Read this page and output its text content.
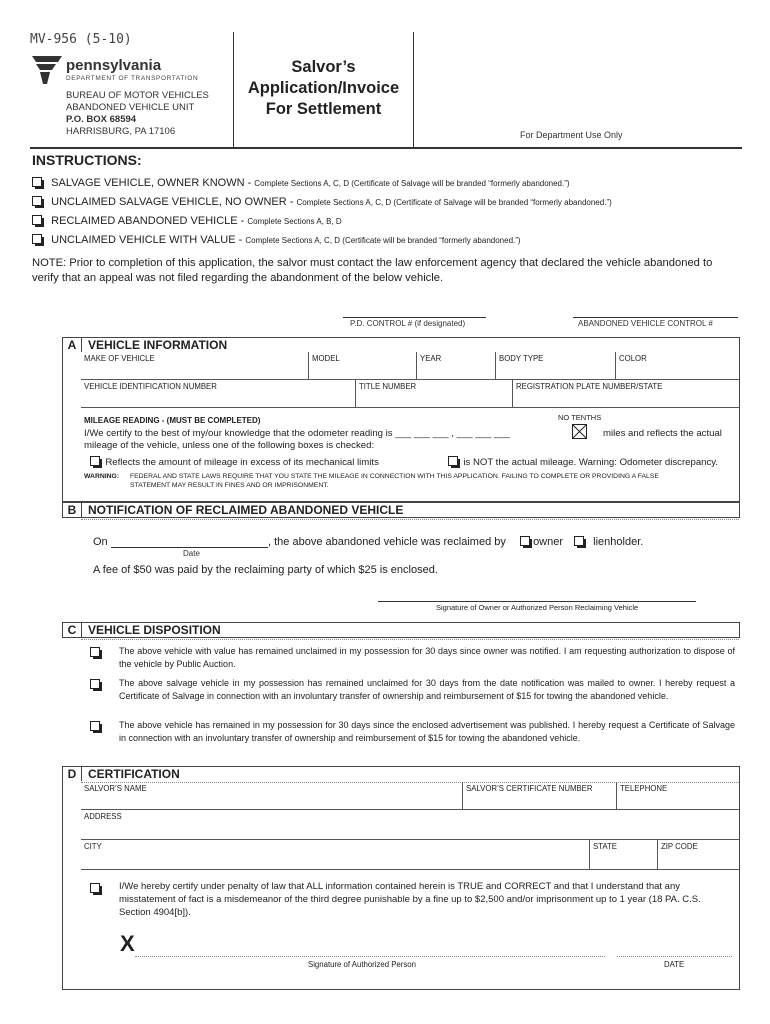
MV-956 (5-10)
pennsylvania
DEPARTMENT OF TRANSPORTATION
BUREAU OF MOTOR VEHICLES
ABANDONED VEHICLE UNIT
P.O. BOX 68594
HARRISBURG, PA 17106
Salvor’s
Application/Invoice
For Settlement
For Department Use Only
INSTRUCTIONS:
SALVAGE VEHICLE, OWNER KNOWN - Complete Sections A, C, D (Certificate of Salvage will be branded “formerly abandoned.”)
UNCLAIMED SALVAGE VEHICLE, NO OWNER - Complete Sections A, C, D (Certificate of Salvage will be branded “formerly abandoned.”)
RECLAIMED ABANDONED VEHICLE - Complete Sections A, B, D
UNCLAIMED VEHICLE WITH VALUE - Complete Sections A, C, D (Certificate will be branded “formerly abandoned.”)
NOTE: Prior to completion of this application, the salvor must contact the law enforcement agency that declared the vehicle abandoned to verify that an appeal was not filed regarding the abandonment of the below vehicle.
P.D. CONTROL # (if designated)	ABANDONED VEHICLE CONTROL #
A VEHICLE INFORMATION
MAKE OF VEHICLE	MODEL	YEAR	BODY TYPE	COLOR
VEHICLE IDENTIFICATION NUMBER	TITLE NUMBER	REGISTRATION PLATE NUMBER/STATE
MILEAGE READING - (MUST BE COMPLETED)	NO TENTHS
I/We certify to the best of my/our knowledge that the odometer reading is ___ ___ ___ , ___ ___ ___	miles and reflects the actual
mileage of the vehicle, unless one of the following boxes is checked:
Reflects the amount of mileage in excess of its mechanical limits	is NOT the actual mileage. Warning: Odometer discrepancy.
WARNING: FEDERAL AND STATE LAWS REQUIRE THAT YOU STATE THE MILEAGE IN CONNECTION WITH THIS APPLICATION. FAILING TO COMPLETE OR PROVIDING A FALSE
STATEMENT MAY RESULT IN FINES AND OR IMPRISONMENT.
B NOTIFICATION OF RECLAIMED ABANDONED VEHICLE
On	, the above abandoned vehicle was reclaimed by	owner	lienholder.
Date
A fee of $50 was paid by the reclaiming party of which $25 is enclosed.
Signature of Owner or Authorized Person Reclaiming Vehicle
C VEHICLE DISPOSITION
The above vehicle with value has remained unclaimed in my possession for 30 days since owner was notified. I am requesting authorization to dispose of the vehicle by Public Auction.
The above salvage vehicle in my possession has remained unclaimed for 30 days from the date notification was mailed to owner. I hereby request a Certificate of Salvage in connection with an involuntary transfer of ownership and reimbursement of $15 for towing the abandoned vehicle.
The above vehicle has remained in my possession for 30 days since the enclosed advertisement was published. I hereby request a Certificate of Salvage in connection with an involuntary transfer of ownership and reimbursement of $15 for towing the abandoned vehicle.
D CERTIFICATION
SALVOR’S NAME	SALVOR’S CERTIFICATE NUMBER	TELEPHONE
ADDRESS
CITY	STATE	ZIP CODE
I/We hereby certify under penalty of law that ALL information contained herein is TRUE and CORRECT and that I understand that any misstatement of fact is a misdemeanor of the third degree punishable by a fine up to $2,500 and/or imprisonment up to 1 year (18 PA. C.S. Section 4904[b]).
X
Signature of Authorized Person	DATE
